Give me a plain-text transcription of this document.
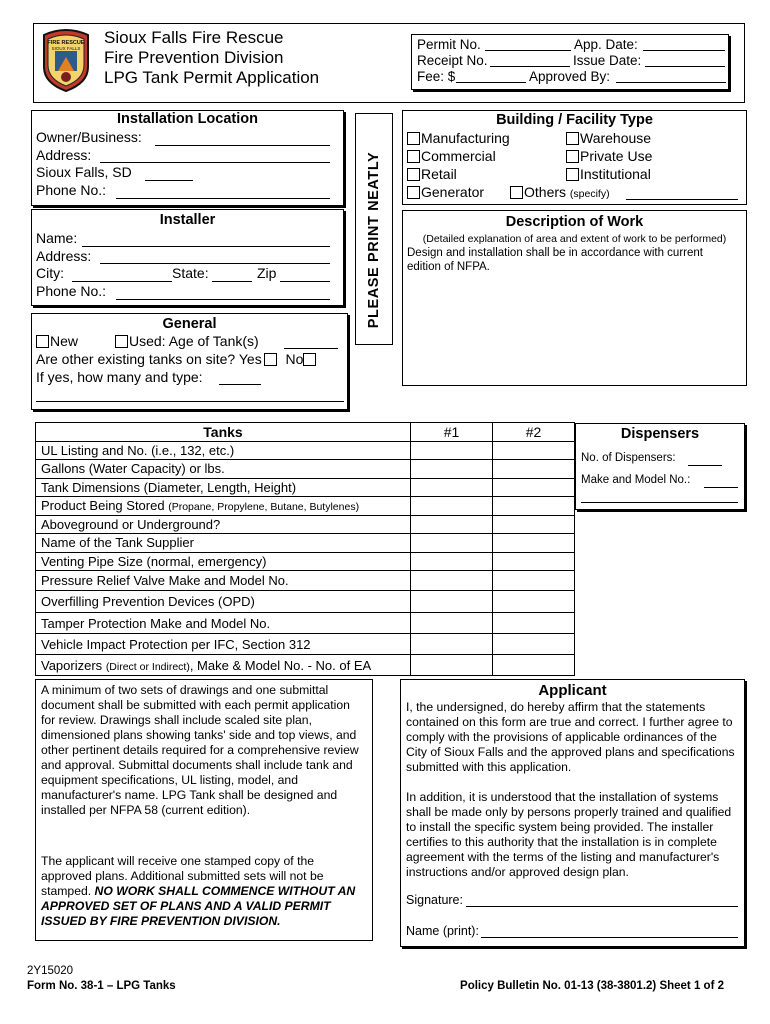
FIRE RESCUE
SIOUX FALLS
Sioux Falls Fire Rescue
Fire Prevention Division
LPG Tank Permit Application
Permit No.	App. Date:
Receipt No.	Issue Date:
Fee: $	Approved By:
Installation Location
Owner/Business:
Address:
Sioux Falls, SD
Phone No.:
Installer
Name:
Address:
City:	State:	Zip
Phone No.:
General
New	Used: Age of Tank(s)
Are other existing tanks on site? Yes No
If yes, how many and type:
PLEASE PRINT NEATLY
Building / Facility Type
Manufacturing
Commercial
Retail
Generator
Warehouse
Private Use
Institutional
Others (specify)
Description of Work
(Detailed explanation of area and extent of work to be performed)
Design and installation shall be in accordance with current edition of NFPA.
Tanks	#1	#2
UL Listing and No. (i.e., 132, etc.)		
Gallons (Water Capacity) or lbs.		
Tank Dimensions (Diameter, Length, Height)		
Product Being Stored (Propane, Propylene, Butane, Butylenes)		
Aboveground or Underground?		
Name of the Tank Supplier		
Venting Pipe Size (normal, emergency)		
Pressure Relief Valve Make and Model No.		
Overfilling Prevention Devices (OPD)		
Tamper Protection Make and Model No.		
Vehicle Impact Protection per IFC, Section 312		
Vaporizers (Direct or Indirect), Make & Model No. - No. of EA		
Dispensers
No. of Dispensers:
Make and Model No.:
A minimum of two sets of drawings and one submittal document shall be submitted with each permit application for review. Drawings shall include scaled site plan, dimensioned plans showing tanks' side and top views, and other pertinent details required for a comprehensive review and approval. Submittal documents shall include tank and equipment specifications, UL listing, model, and manufacturer's name. LPG Tank shall be designed and installed per NFPA 58 (current edition).
The applicant will receive one stamped copy of the approved plans. Additional submitted sets will not be stamped. NO WORK SHALL COMMENCE WITHOUT AN APPROVED SET OF PLANS AND A VALID PERMIT ISSUED BY FIRE PREVENTION DIVISION.
Applicant
I, the undersigned, do hereby affirm that the statements contained on this form are true and correct. I further agree to comply with the provisions of applicable ordinances of the City of Sioux Falls and the approved plans and specifications submitted with this application.
In addition, it is understood that the installation of systems shall be made only by persons properly trained and qualified to install the specific system being provided. The installer certifies to this authority that the installation is in complete agreement with the terms of the listing and manufacturer's instructions and/or approved design plan.
Signature:
Name (print):
2Y15020
Form No. 38-1 – LPG Tanks	Policy Bulletin No. 01-13 (38-3801.2) Sheet 1 of 2
